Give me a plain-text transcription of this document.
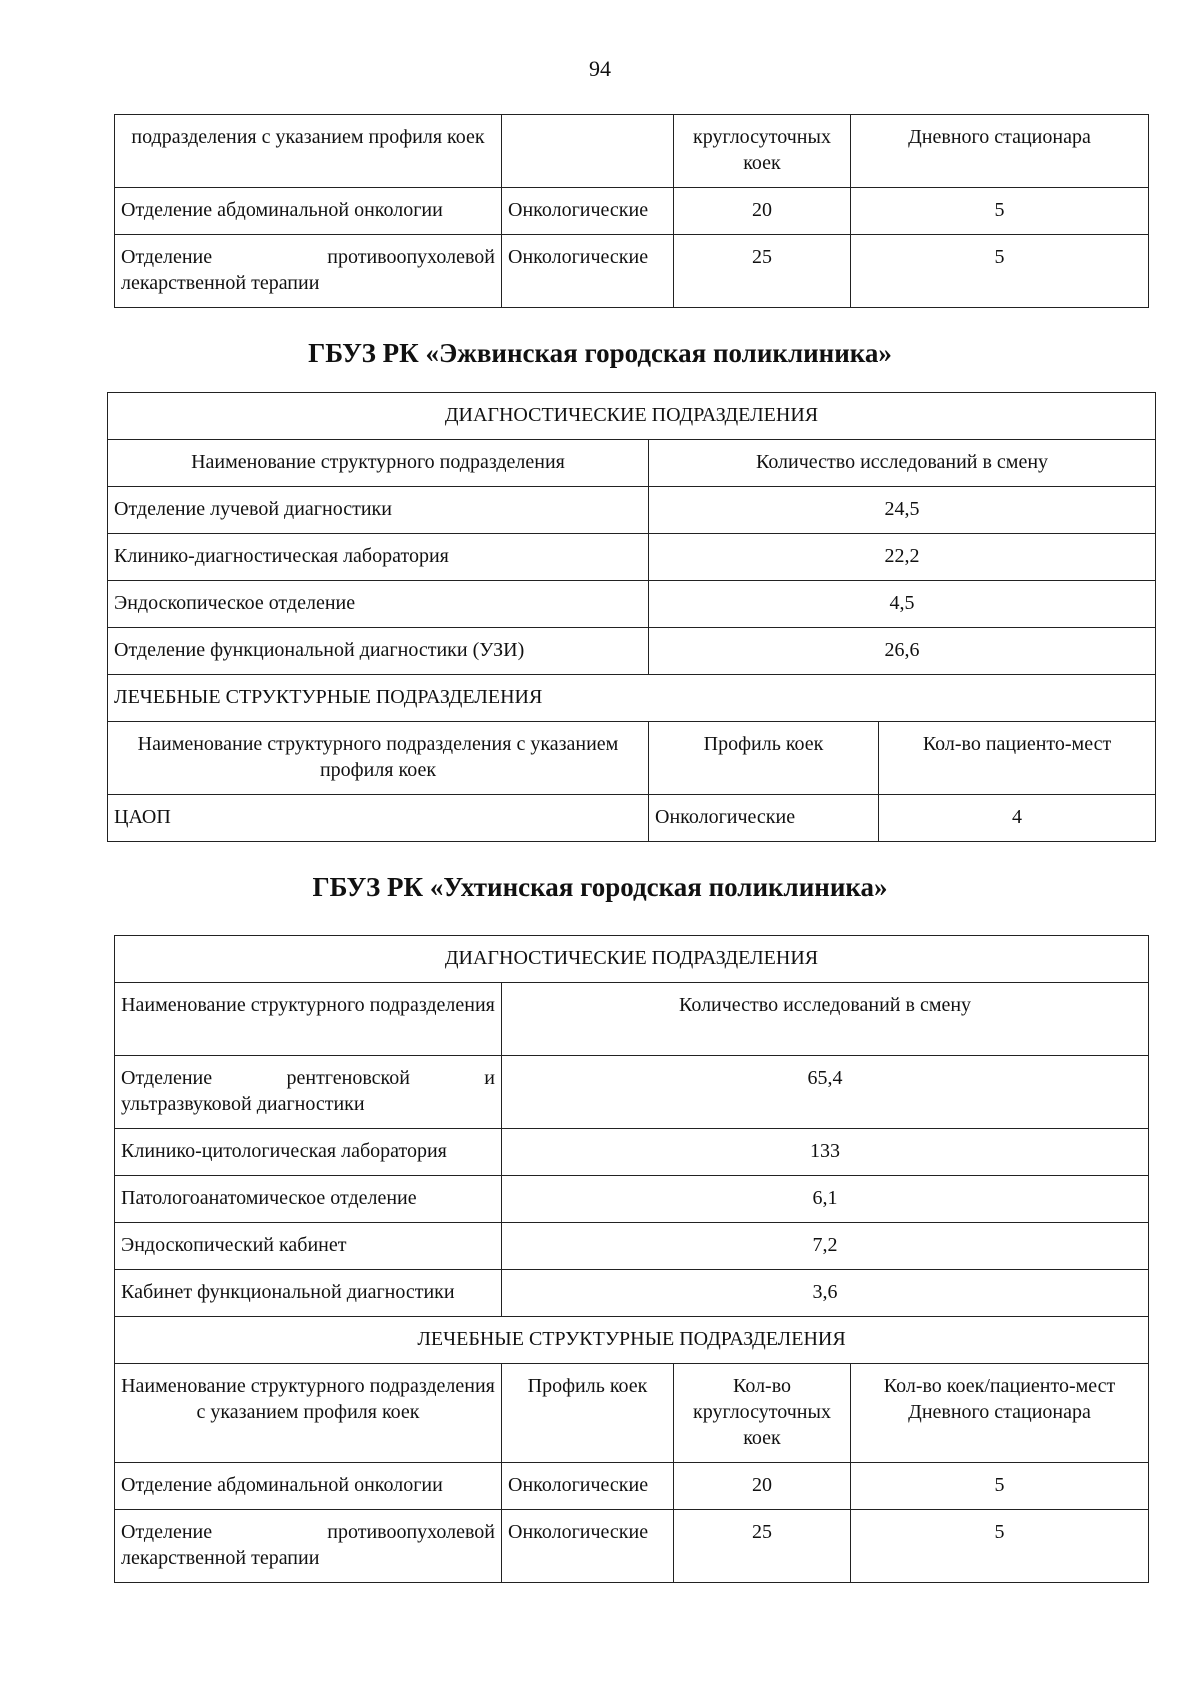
94
подразделения с указанием профиля коек		круглосуточных коек	Дневного стационара
Отделение абдоминальной онкологии	Онкологические	20	5

Отделение противоопухолевой
лекарственной терапии	Онкологические	25	5
ГБУЗ РК «Эжвинская городская поликлиника»
ДИАГНОСТИЧЕСКИЕ ПОДРАЗДЕЛЕНИЯ		
Наименование структурного подразделения	Количество исследований в смену	
Отделение лучевой диагностики	24,5	
Клинико-диагностическая лаборатория	22,2	
Эндоскопическое отделение	4,5	
Отделение функциональной диагностики (УЗИ)	26,6	
ЛЕЧЕБНЫЕ СТРУКТУРНЫЕ ПОДРАЗДЕЛЕНИЯ		
Наименование структурного подразделения с указанием профиля коек	Профиль коек	Кол-во пациенто-мест
ЦАОП	Онкологические	4
ГБУЗ РК «Ухтинская городская поликлиника»
ДИАГНОСТИЧЕСКИЕ ПОДРАЗДЕЛЕНИЯ			
Наименование структурного подразделения	Количество исследований в смену		

Отделение рентгеновской и
ультразвуковой диагностики	65,4		
Клинико-цитологическая лаборатория	133		
Патологоанатомическое отделение	6,1		
Эндоскопический кабинет	7,2		
Кабинет функциональной диагностики	3,6		
ЛЕЧЕБНЫЕ СТРУКТУРНЫЕ ПОДРАЗДЕЛЕНИЯ			
Наименование структурного подразделения с указанием профиля коек	Профиль коек	Кол-во круглосуточных коек	Кол-во коек/пациенто-мест Дневного стационара
Отделение абдоминальной онкологии	Онкологические	20	5

Отделение противоопухолевой
лекарственной терапии	Онкологические	25	5
